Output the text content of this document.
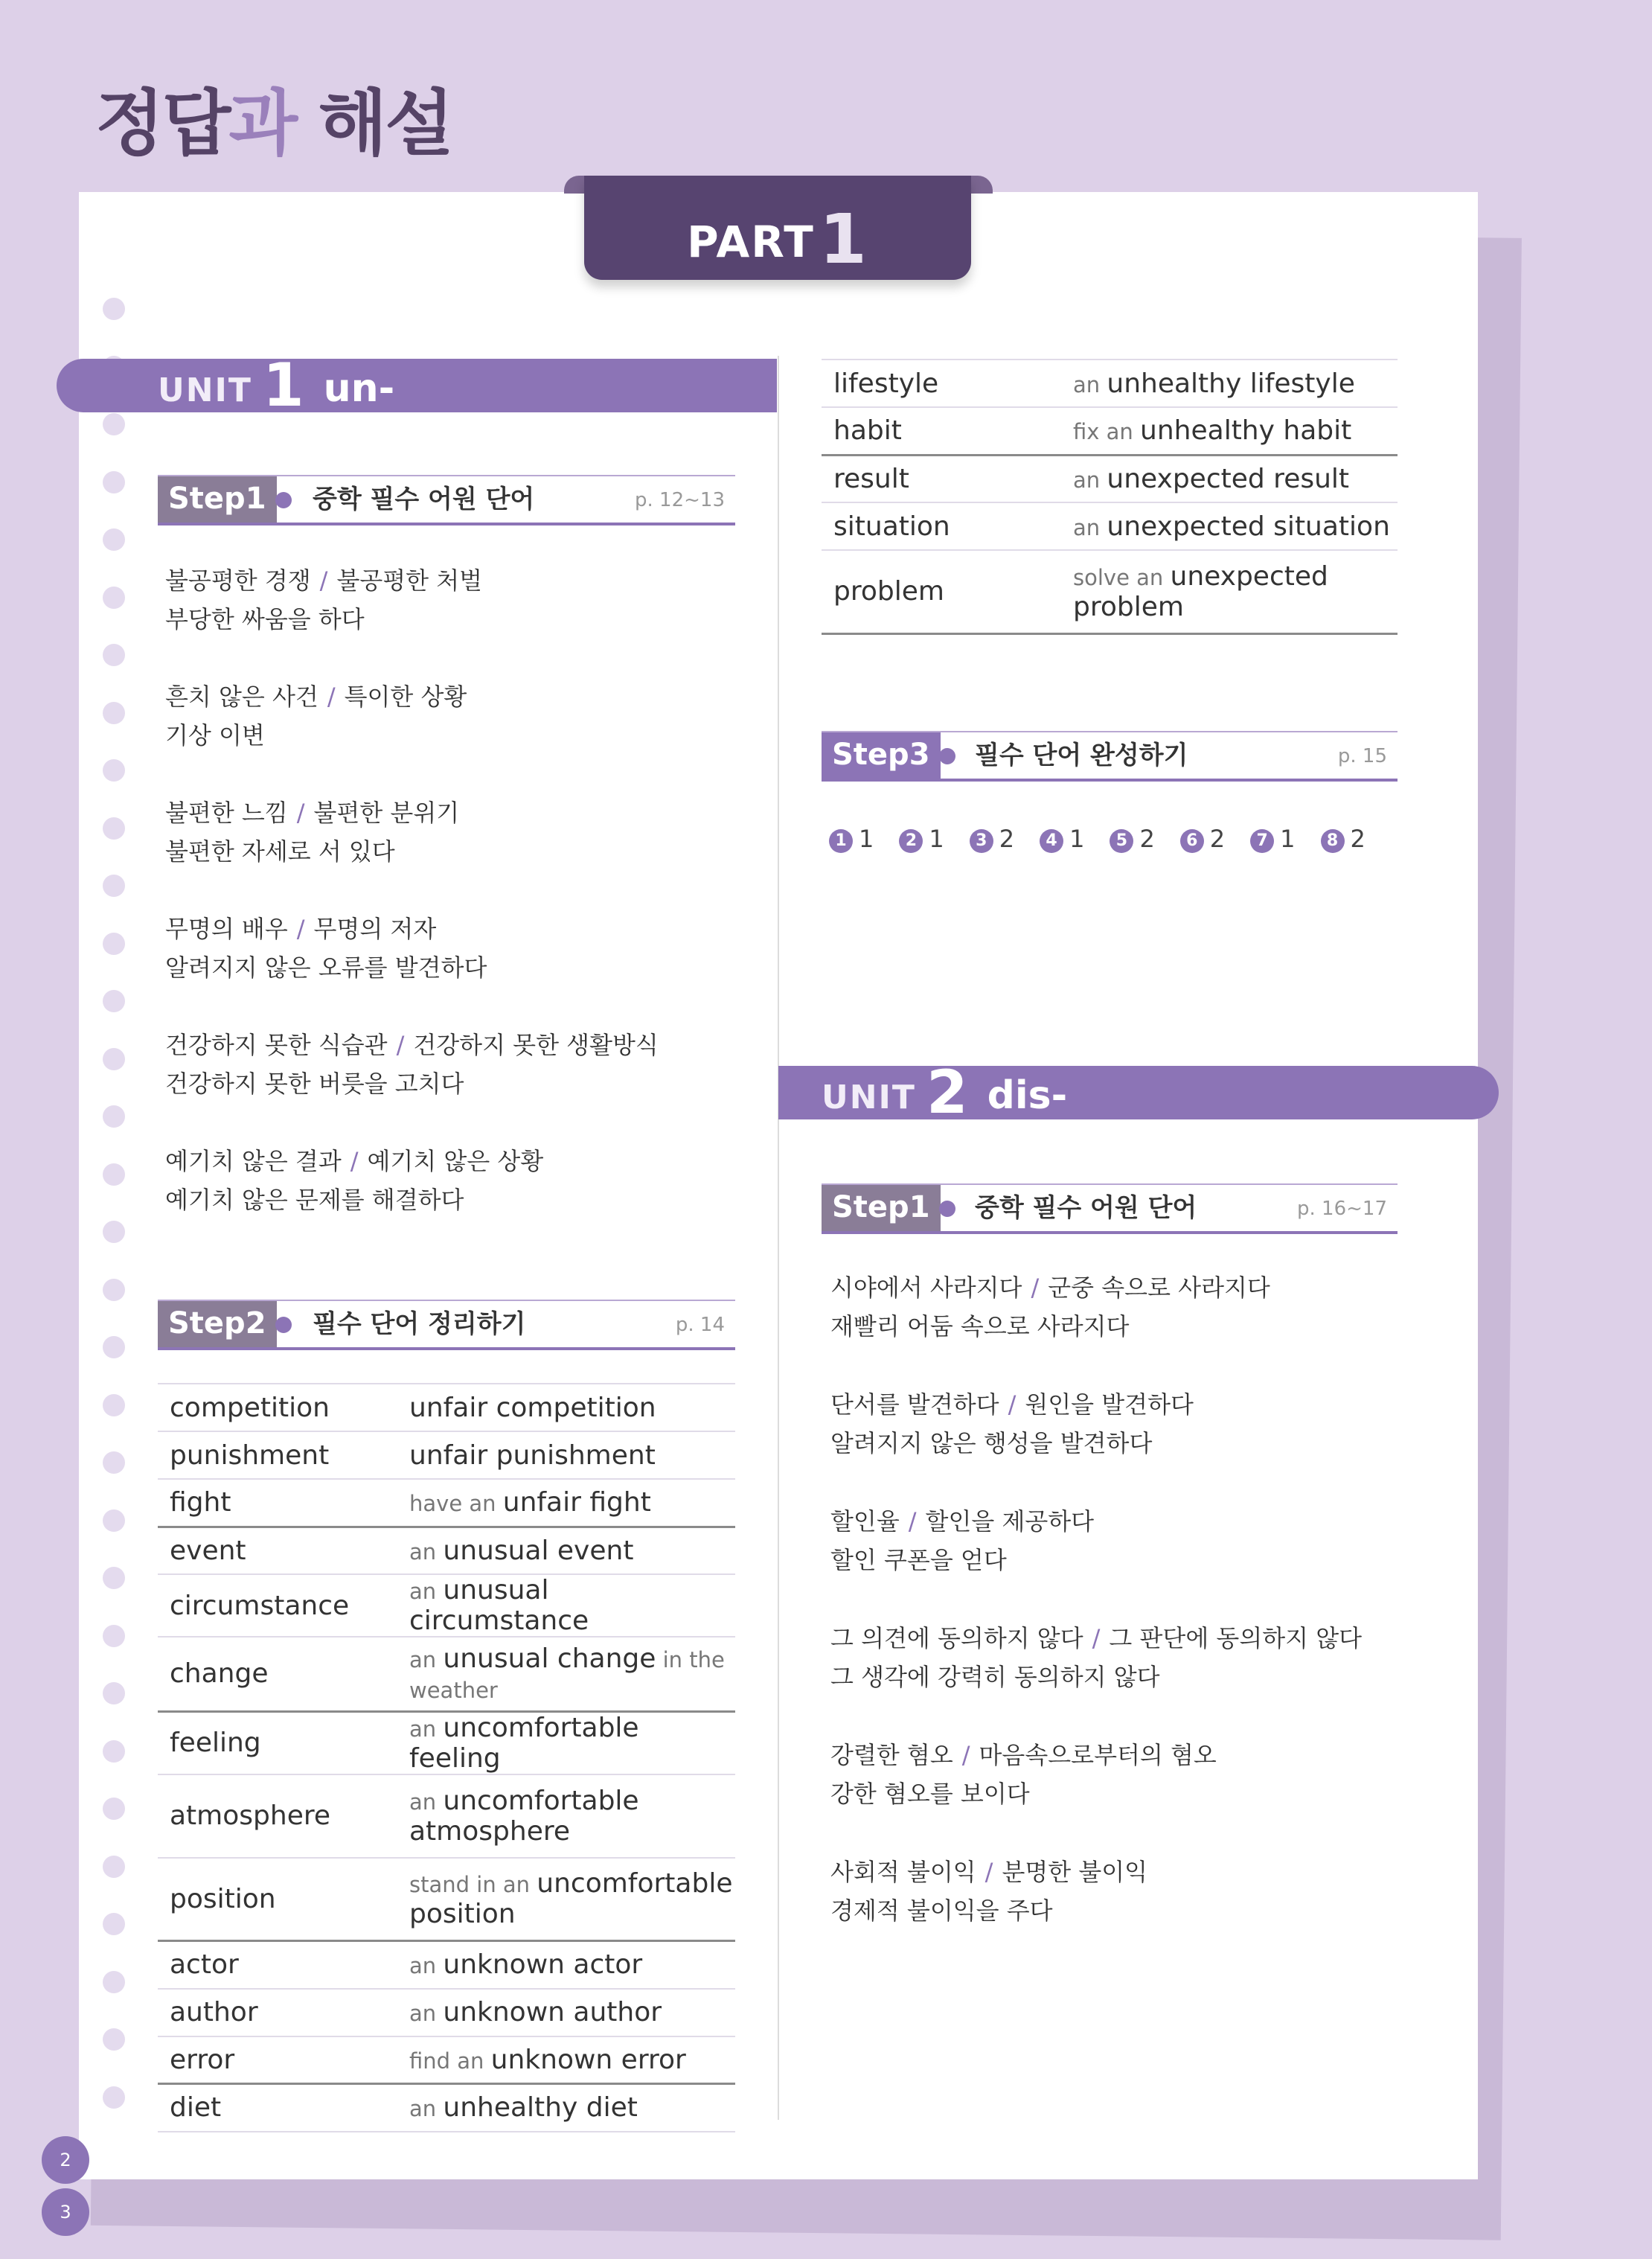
정답과 해설
PART1
UNIT 1 un-
Step1	중학 필수 어원 단어	p. 12~13
불공평한 경쟁 / 불공평한 처벌
부당한 싸움을 하다
흔치 않은 사건 / 특이한 상황
기상 이변
불편한 느낌 / 불편한 분위기
불편한 자세로 서 있다
무명의 배우 / 무명의 저자
알려지지 않은 오류를 발견하다
건강하지 못한 식습관 / 건강하지 못한 생활방식
건강하지 못한 버릇을 고치다
예기치 않은 결과 / 예기치 않은 상황
예기치 않은 문제를 해결하다
Step2	필수 단어 정리하기	p. 14
competition	unfair competition
punishment	unfair punishment
fight	have an unfair fight
event	an unusual event
circumstance	an unusual circumstance
change	an unusual change in the weather
feeling	an uncomfortable feeling
atmosphere	an uncomfortable atmosphere
position	stand in an uncomfortable position
actor	an unknown actor
author	an unknown author
error	find an unknown error
diet	an unhealthy diet
lifestyle	an unhealthy lifestyle
habit	fix an unhealthy habit
result	an unexpected result
situation	an unexpected situation
problem	solve an unexpected problem
Step3	필수 단어 완성하기	p. 15
1 1 2 1 3 2 4 1 5 2 6 2 7 1 8 2
UNIT 2 dis-
Step1	중학 필수 어원 단어	p. 16~17
시야에서 사라지다 / 군중 속으로 사라지다
재빨리 어둠 속으로 사라지다
단서를 발견하다 / 원인을 발견하다
알려지지 않은 행성을 발견하다
할인율 / 할인을 제공하다
할인 쿠폰을 얻다
그 의견에 동의하지 않다 / 그 판단에 동의하지 않다
그 생각에 강력히 동의하지 않다
강렬한 혐오 / 마음속으로부터의 혐오
강한 혐오를 보이다
사회적 불이익 / 분명한 불이익
경제적 불이익을 주다
2
3
